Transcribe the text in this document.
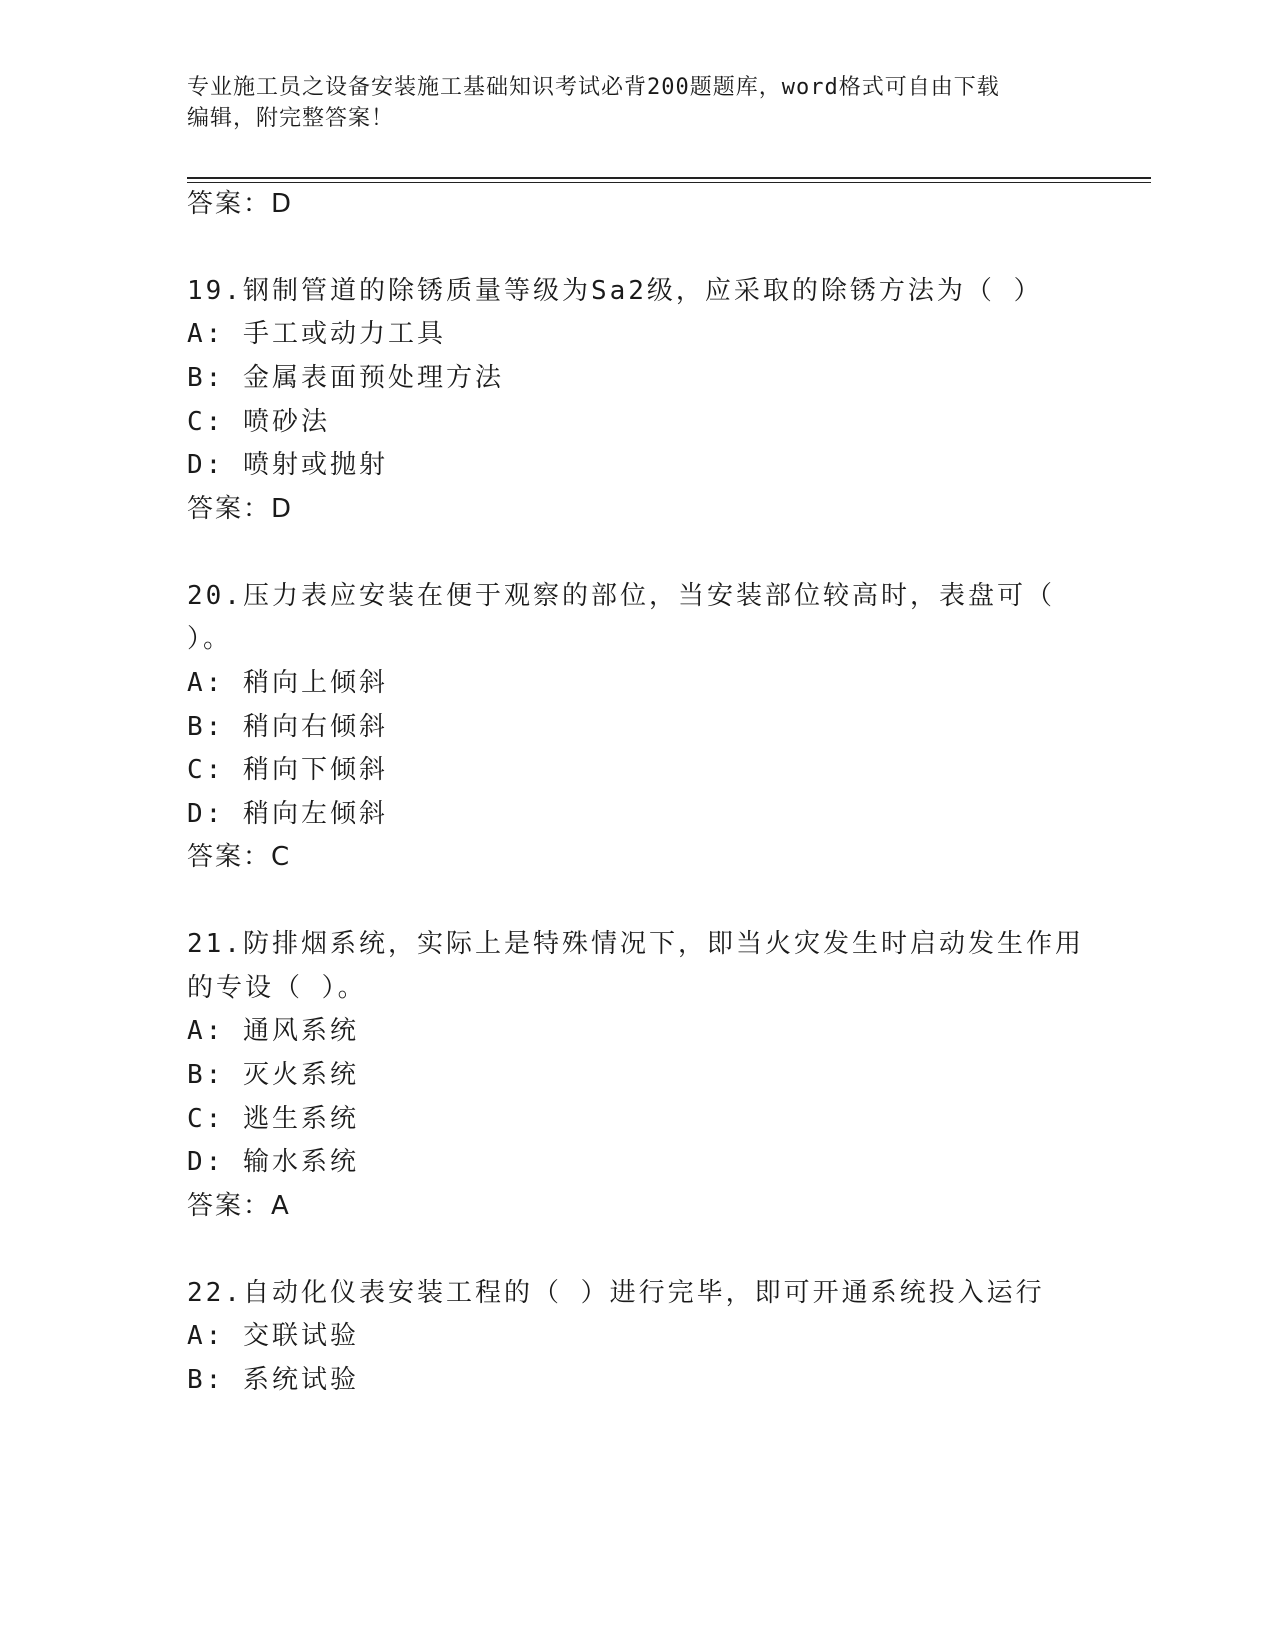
专业施工员之设备安装施工基础知识考试必背200题题库，word格式可自由下载
编辑，附完整答案！
答案：D
19.钢制管道的除锈质量等级为Sa2级，应采取的除锈方法为（ ）
A: 手工或动力工具
B: 金属表面预处理方法
C: 喷砂法
D: 喷射或抛射
答案：D
20.压力表应安装在便于观察的部位，当安装部位较高时，表盘可（
）。
A: 稍向上倾斜
B: 稍向右倾斜
C: 稍向下倾斜
D: 稍向左倾斜
答案：C
21.防排烟系统，实际上是特殊情况下，即当火灾发生时启动发生作用
的专设（ ）。
A: 通风系统
B: 灭火系统
C: 逃生系统
D: 输水系统
答案：A
22.自动化仪表安装工程的（ ）进行完毕，即可开通系统投入运行
A: 交联试验
B: 系统试验
